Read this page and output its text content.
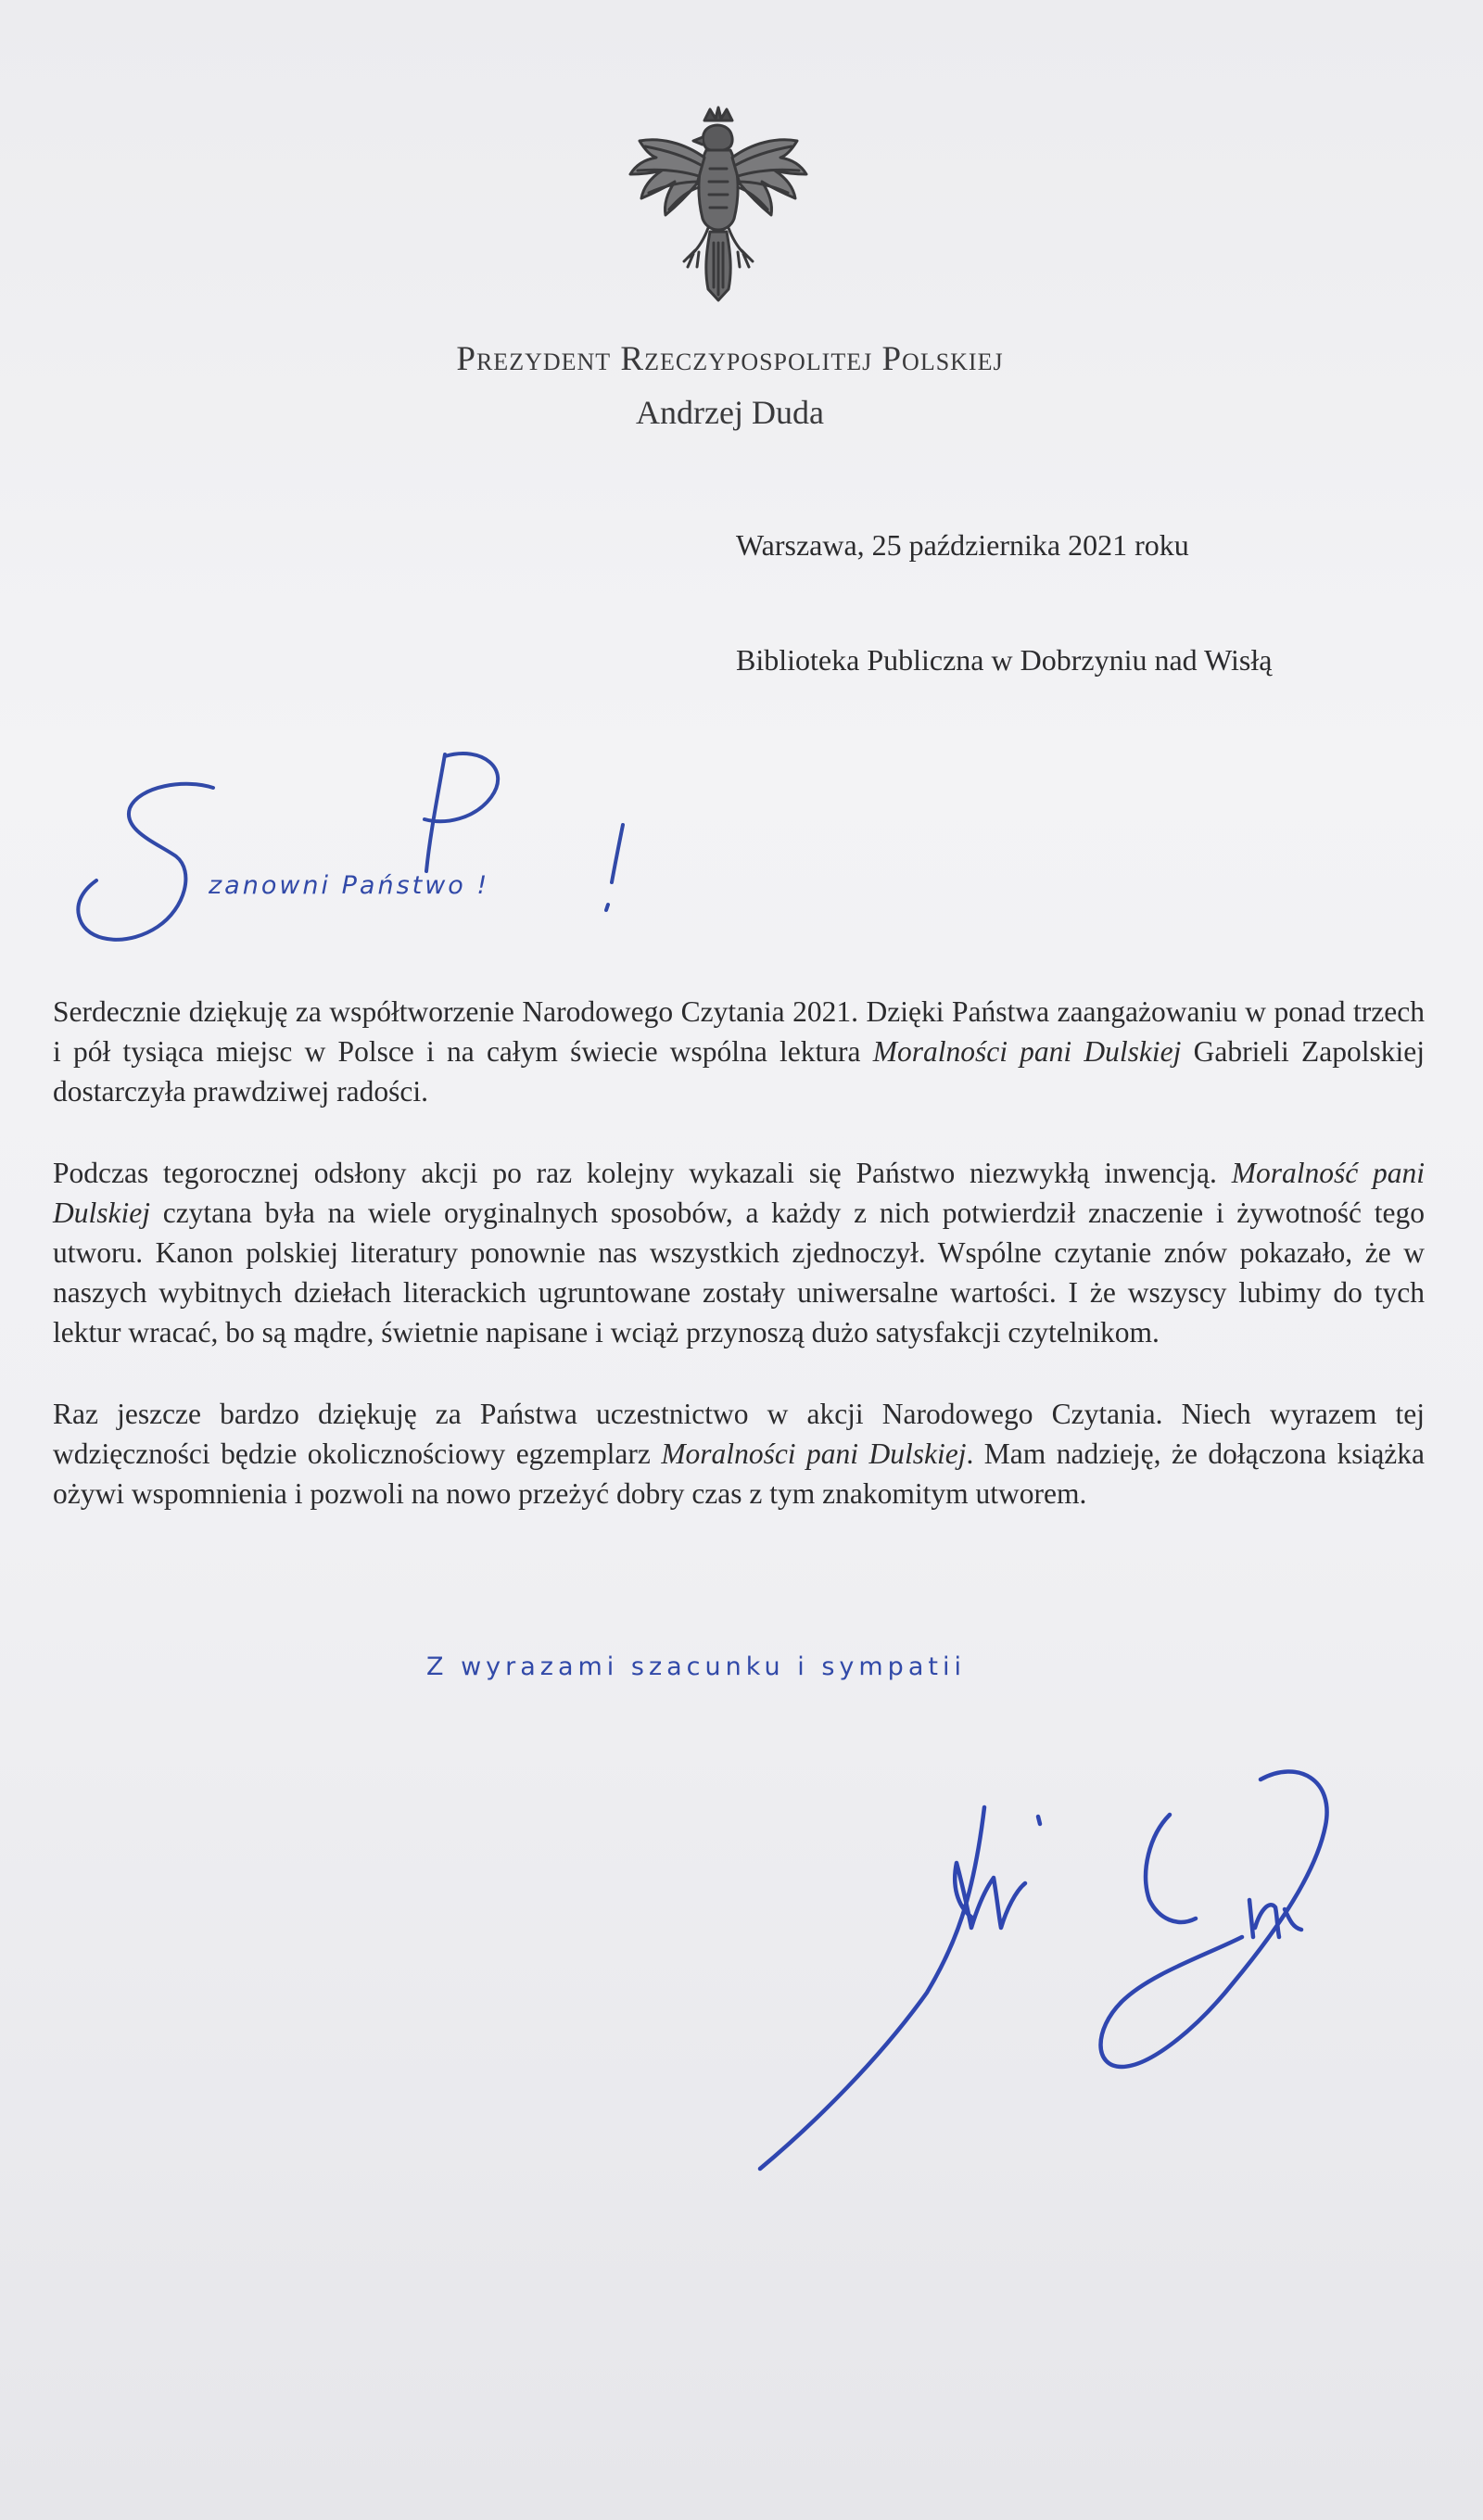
Prezydent Rzeczypospolitej Polskiej
Andrzej Duda
Warszawa, 25 października 2021 roku
Biblioteka Publiczna w Dobrzyniu nad Wisłą
zanowni Państwo !

Serdecznie dziękuję za współtworzenie Narodowego Czytania 2021. Dzięki Państwa zaangażowaniu w ponad trzech i pół tysiąca miejsc w Polsce i na całym świecie wspólna lektura Moralności pani Dulskiej Gabrieli Zapolskiej dostarczyła prawdziwej radości.

Podczas tegorocznej odsłony akcji po raz kolejny wykazali się Państwo niezwykłą inwencją. Moralność pani Dulskiej czytana była na wiele oryginalnych sposobów, a każdy z nich potwierdził znaczenie i żywotność tego utworu. Kanon polskiej literatury ponownie nas wszystkich zjednoczył. Wspólne czytanie znów pokazało, że w naszych wybitnych dziełach literackich ugruntowane zostały uniwersalne wartości. I że wszyscy lubimy do tych lektur wracać, bo są mądre, świetnie napisane i wciąż przynoszą dużo satysfakcji czytelnikom.

Raz jeszcze bardzo dziękuję za Państwa uczestnictwo w akcji Narodowego Czytania. Niech wyrazem tej wdzięczności będzie okolicznościowy egzemplarz Moralności pani Dulskiej. Mam nadzieję, że dołączona książka ożywi wspomnienia i pozwoli na nowo przeżyć dobry czas z tym znakomitym utworem.

Z wyrazami szacunku i sympatii
